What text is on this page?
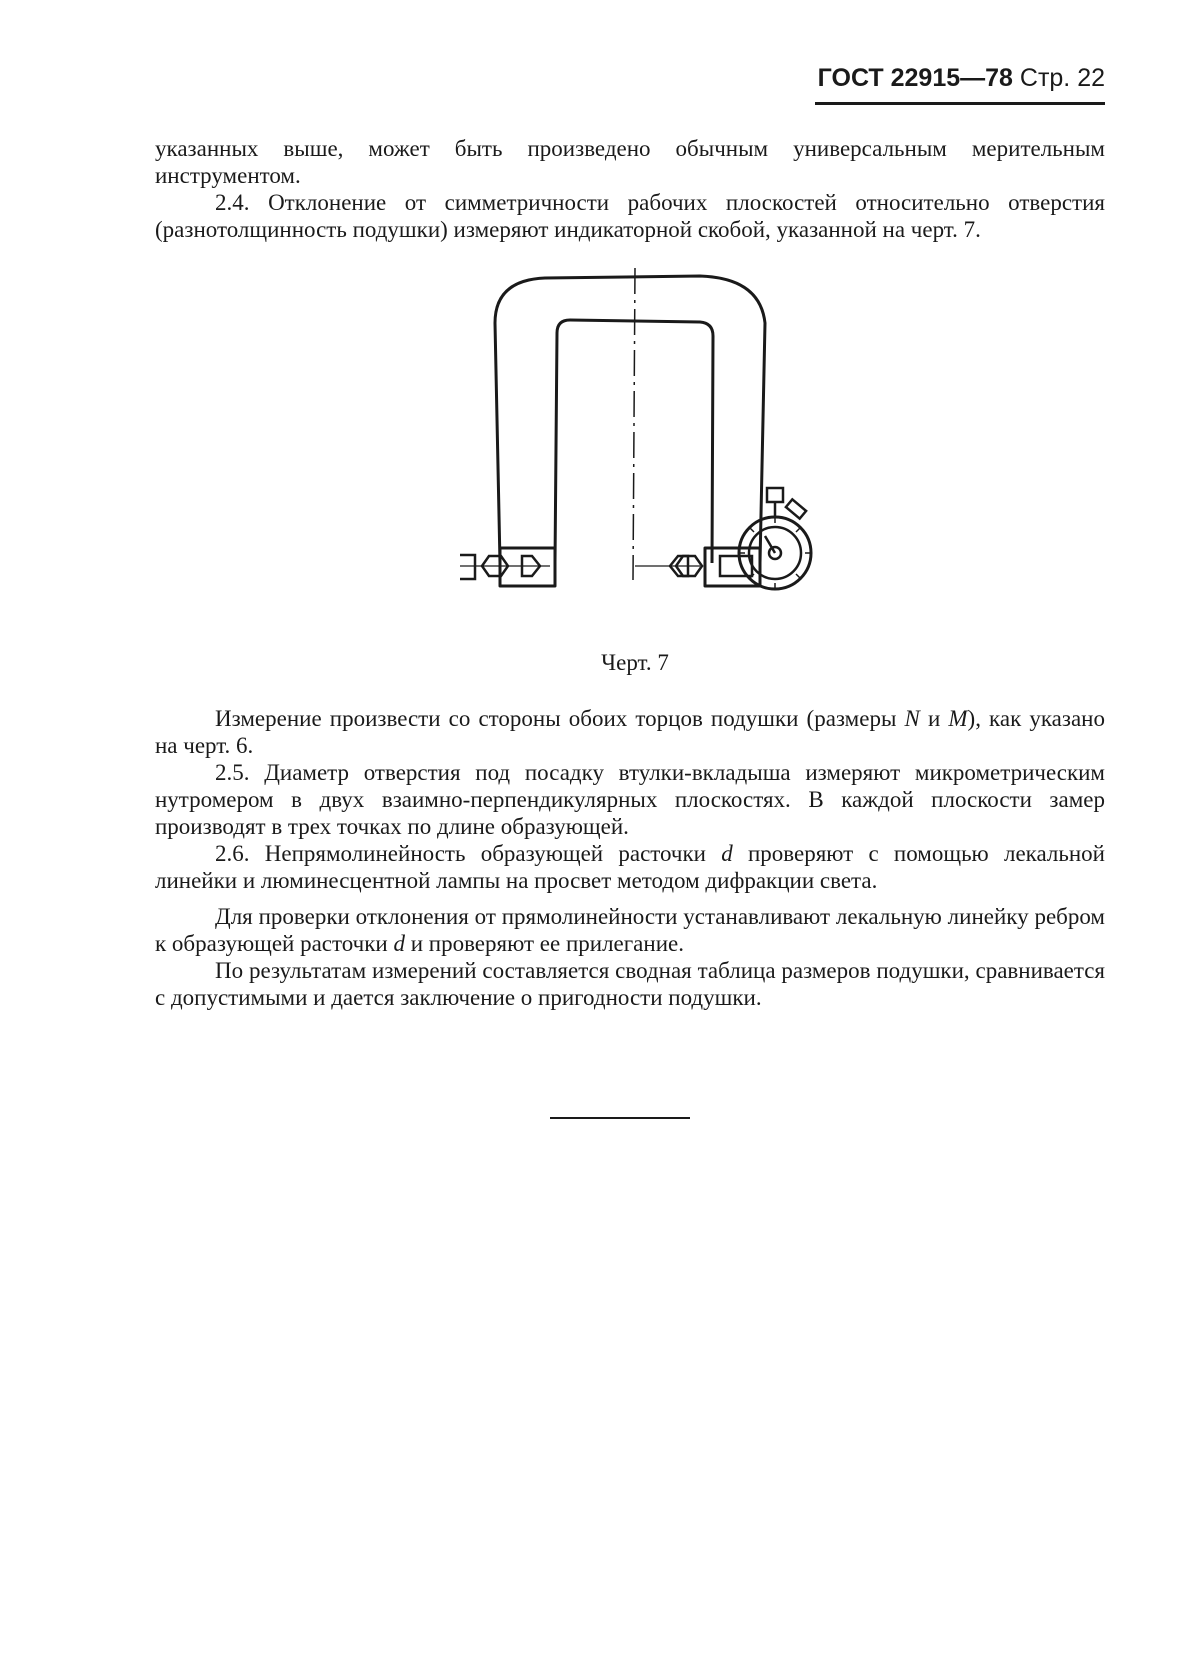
ГОСТ 22915—78 Стр. 22

указанных выше, может быть произведено обычным универсальным мерительным инструментом.

2.4. Отклонение от симметричности рабочих плоскостей относительно отверстия (разнотолщинность подушки) измеряют индикаторной скобой, указанной на черт. 7.

Черт. 7

Измерение произвести со стороны обоих торцов подушки (размеры N и M), как указано на черт. 6.

2.5. Диаметр отверстия под посадку втулки-вкладыша измеряют микрометрическим нутромером в двух взаимно-перпендикулярных плоскостях. В каждой плоскости замер производят в трех точках по длине образующей.

2.6. Непрямолинейность образующей расточки d проверяют с помощью лекальной линейки и люминесцентной лампы на просвет методом дифракции света.

Для проверки отклонения от прямолинейности устанавливают лекальную линейку ребром к образующей расточки d и проверяют ее прилегание.

По результатам измерений составляется сводная таблица размеров подушки, сравнивается с допустимыми и дается заключение о пригодности подушки.
